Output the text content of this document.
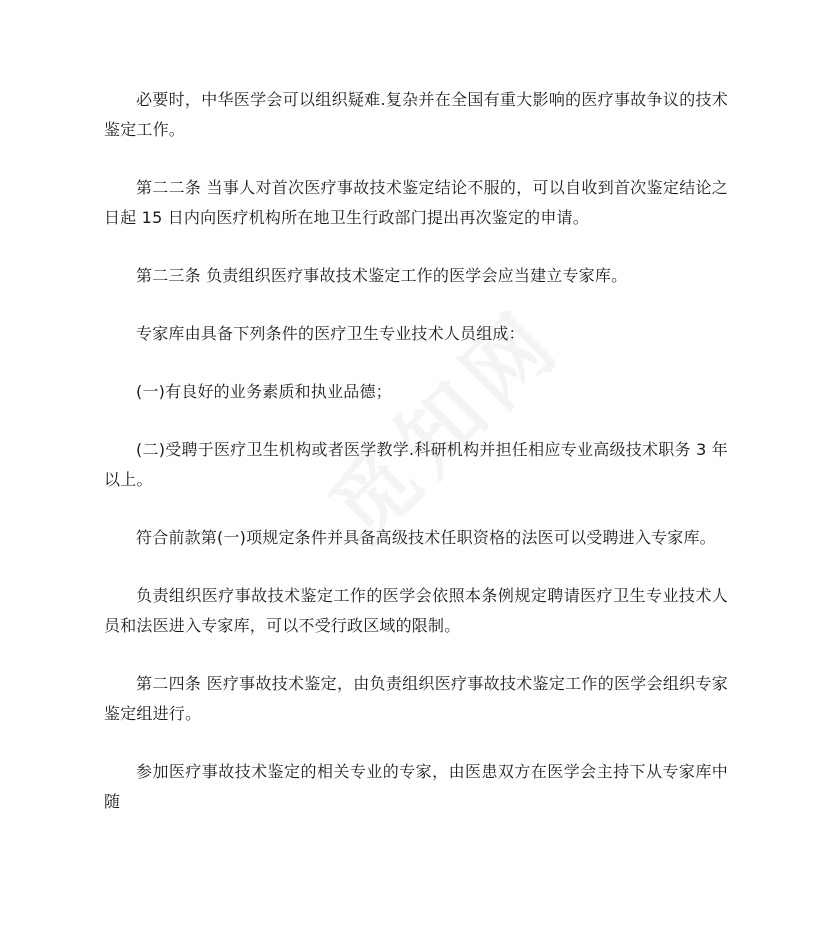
必要时，中华医学会可以组织疑难.复杂并在全国有重大影响的医疗事故争议的技术鉴定工作。

第二二条 当事人对首次医疗事故技术鉴定结论不服的，可以自收到首次鉴定结论之日起 15 日内向医疗机构所在地卫生行政部门提出再次鉴定的申请。

第二三条 负责组织医疗事故技术鉴定工作的医学会应当建立专家库。

专家库由具备下列条件的医疗卫生专业技术人员组成：

(一)有良好的业务素质和执业品德；

(二)受聘于医疗卫生机构或者医学教学.科研机构并担任相应专业高级技术职务 3 年以上。

符合前款第(一)项规定条件并具备高级技术任职资格的法医可以受聘进入专家库。

负责组织医疗事故技术鉴定工作的医学会依照本条例规定聘请医疗卫生专业技术人员和法医进入专家库，可以不受行政区域的限制。

第二四条 医疗事故技术鉴定，由负责组织医疗事故技术鉴定工作的医学会组织专家鉴定组进行。

参加医疗事故技术鉴定的相关专业的专家，由医患双方在医学会主持下从专家库中随
